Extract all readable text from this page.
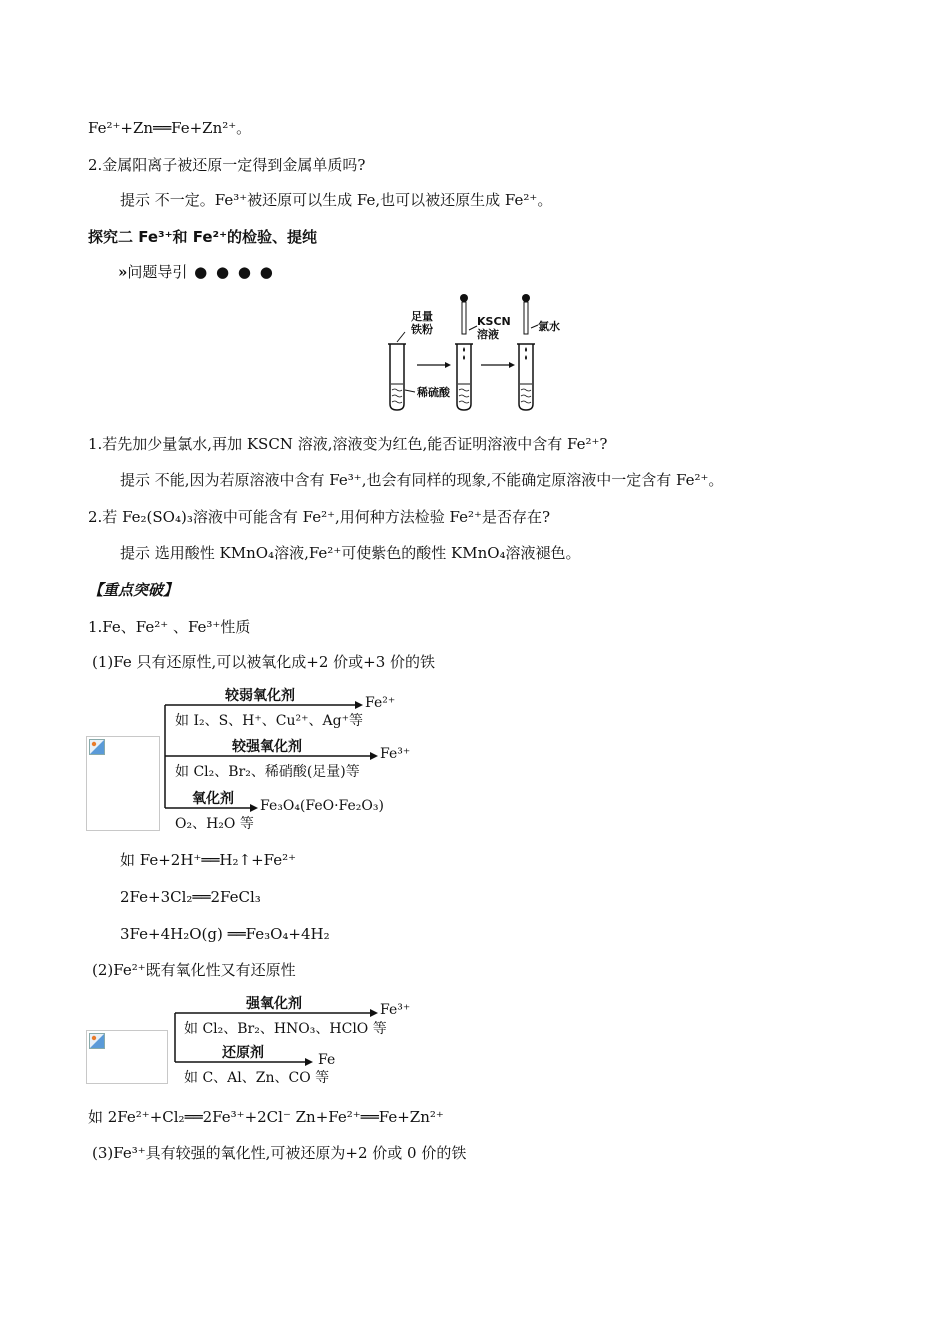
Fe²⁺+Zn══Fe+Zn²⁺。
2.金属阳离子被还原一定得到金属单质吗?
提示 不一定。Fe³⁺被还原可以生成 Fe,也可以被还原生成 Fe²⁺。
探究二 Fe³⁺和 Fe²⁺的检验、提纯
»问题导引 ● ● ● ●
足量铁粉
稀硫酸
KSCN
溶液
氯水
1.若先加少量氯水,再加 KSCN 溶液,溶液变为红色,能否证明溶液中含有 Fe²⁺?
提示 不能,因为若原溶液中含有 Fe³⁺,也会有同样的现象,不能确定原溶液中一定含有 Fe²⁺。
2.若 Fe₂(SO₄)₃溶液中可能含有 Fe²⁺,用何种方法检验 Fe²⁺是否存在?
提示 选用酸性 KMnO₄溶液,Fe²⁺可使紫色的酸性 KMnO₄溶液褪色。
【重点突破】
1.Fe、Fe²⁺ 、Fe³⁺性质
(1)Fe 只有还原性,可以被氧化成+2 价或+3 价的铁
较弱氧化剂
如 I₂、S、H⁺、Cu²⁺、Ag⁺等
Fe²⁺
较强氧化剂
如 Cl₂、Br₂、稀硝酸(足量)等
Fe³⁺
氧化剂
O₂、H₂O 等
Fe₃O₄(FeO·Fe₂O₃)
如 Fe+2H⁺══H₂↑+Fe²⁺
2Fe+3Cl₂══2FeCl₃
3Fe+4H₂O(g) ══Fe₃O₄+4H₂
(2)Fe²⁺既有氧化性又有还原性
强氧化剂
如 Cl₂、Br₂、HNO₃、HClO 等
Fe³⁺
还原剂
如 C、Al、Zn、CO 等
Fe
如 2Fe²⁺+Cl₂══2Fe³⁺+2Cl⁻ Zn+Fe²⁺══Fe+Zn²⁺
(3)Fe³⁺具有较强的氧化性,可被还原为+2 价或 0 价的铁
